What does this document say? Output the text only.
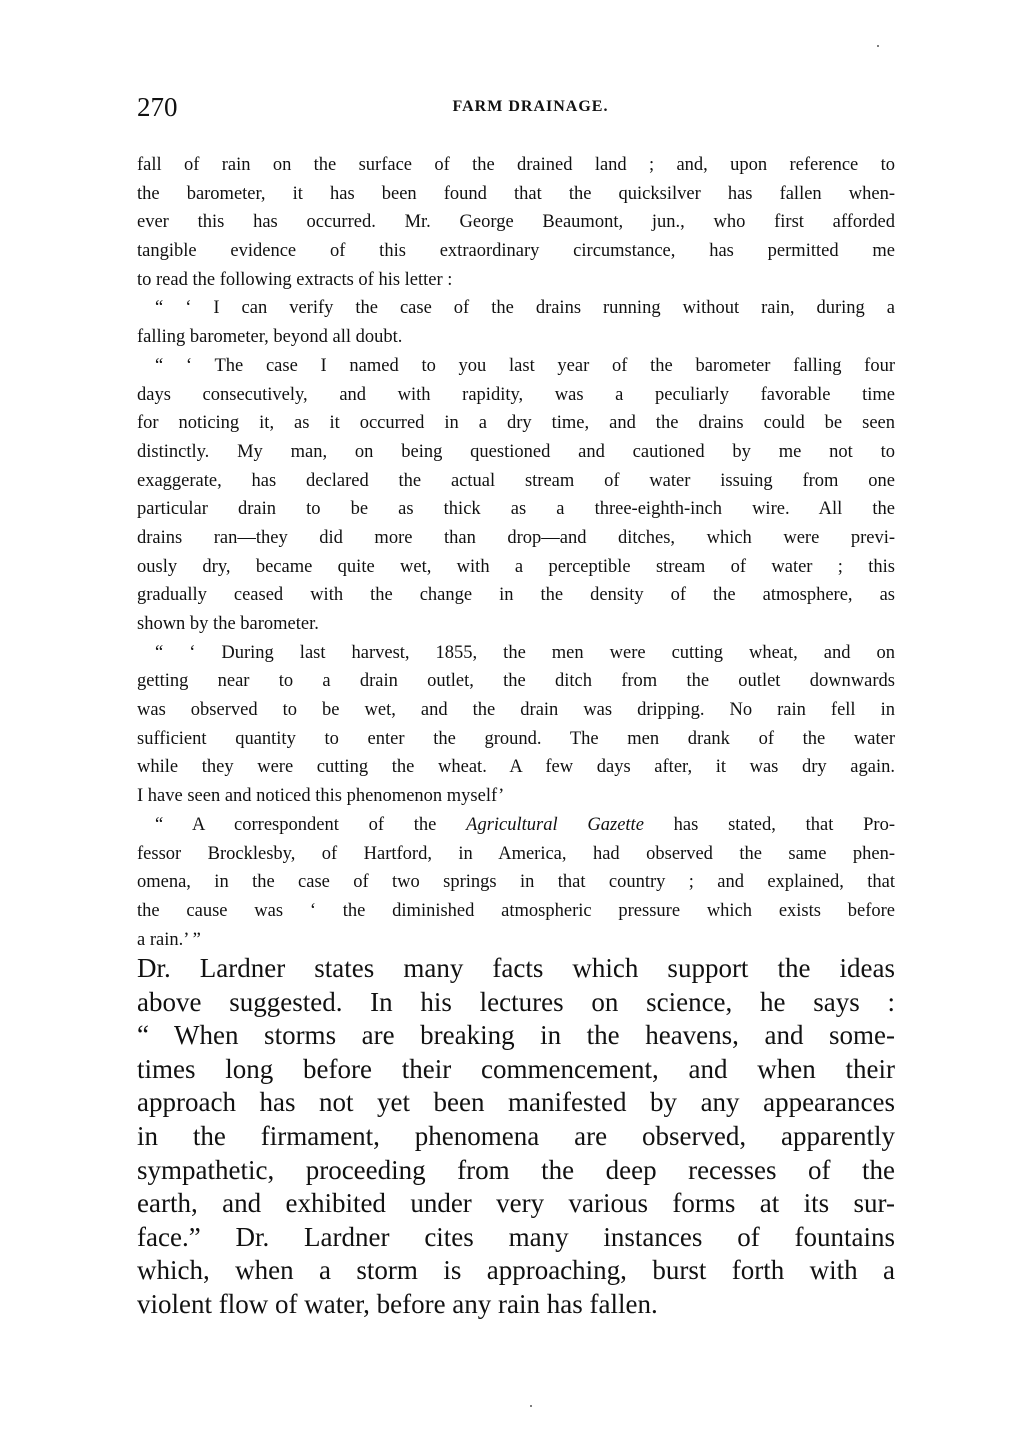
270	FARM DRAINAGE.
fall of rain on the surface of the drained land ; and, upon reference to
the barometer, it has been found that the quicksilver has fallen when-
ever this has occurred. Mr. George Beaumont, jun., who first afforded
tangible evidence of this extraordinary circumstance, has permitted me
to read the following extracts of his letter :
“ ‘ I can verify the case of the drains running without rain, during a
falling barometer, beyond all doubt.
“ ‘ The case I named to you last year of the barometer falling four
days consecutively, and with rapidity, was a peculiarly favorable time
for noticing it, as it occurred in a dry time, and the drains could be seen
distinctly. My man, on being questioned and cautioned by me not to
exaggerate, has declared the actual stream of water issuing from one
particular drain to be as thick as a three-eighth-inch wire. All the
drains ran—they did more than drop—and ditches, which were previ-
ously dry, became quite wet, with a perceptible stream of water ; this
gradually ceased with the change in the density of the atmosphere, as
shown by the barometer.
“ ‘ During last harvest, 1855, the men were cutting wheat, and on
getting near to a drain outlet, the ditch from the outlet downwards
was observed to be wet, and the drain was dripping. No rain fell in
sufficient quantity to enter the ground. The men drank of the water
while they were cutting the wheat. A few days after, it was dry again.
I have seen and noticed this phenomenon myself’
“ A correspondent of the Agricultural Gazette has stated, that Pro-
fessor Brocklesby, of Hartford, in America, had observed the same phen-
omena, in the case of two springs in that country ; and explained, that
the cause was ‘ the diminished atmospheric pressure which exists before
a rain.’ ”
Dr. Lardner states many facts which support the ideas
above suggested. In his lectures on science, he says :
“ When storms are breaking in the heavens, and some-
times long before their commencement, and when their
approach has not yet been manifested by any appearances
in the firmament, phenomena are observed, apparently
sympathetic, proceeding from the deep recesses of the
earth, and exhibited under very various forms at its sur-
face.” Dr. Lardner cites many instances of fountains
which, when a storm is approaching, burst forth with a
violent flow of water, before any rain has fallen.
